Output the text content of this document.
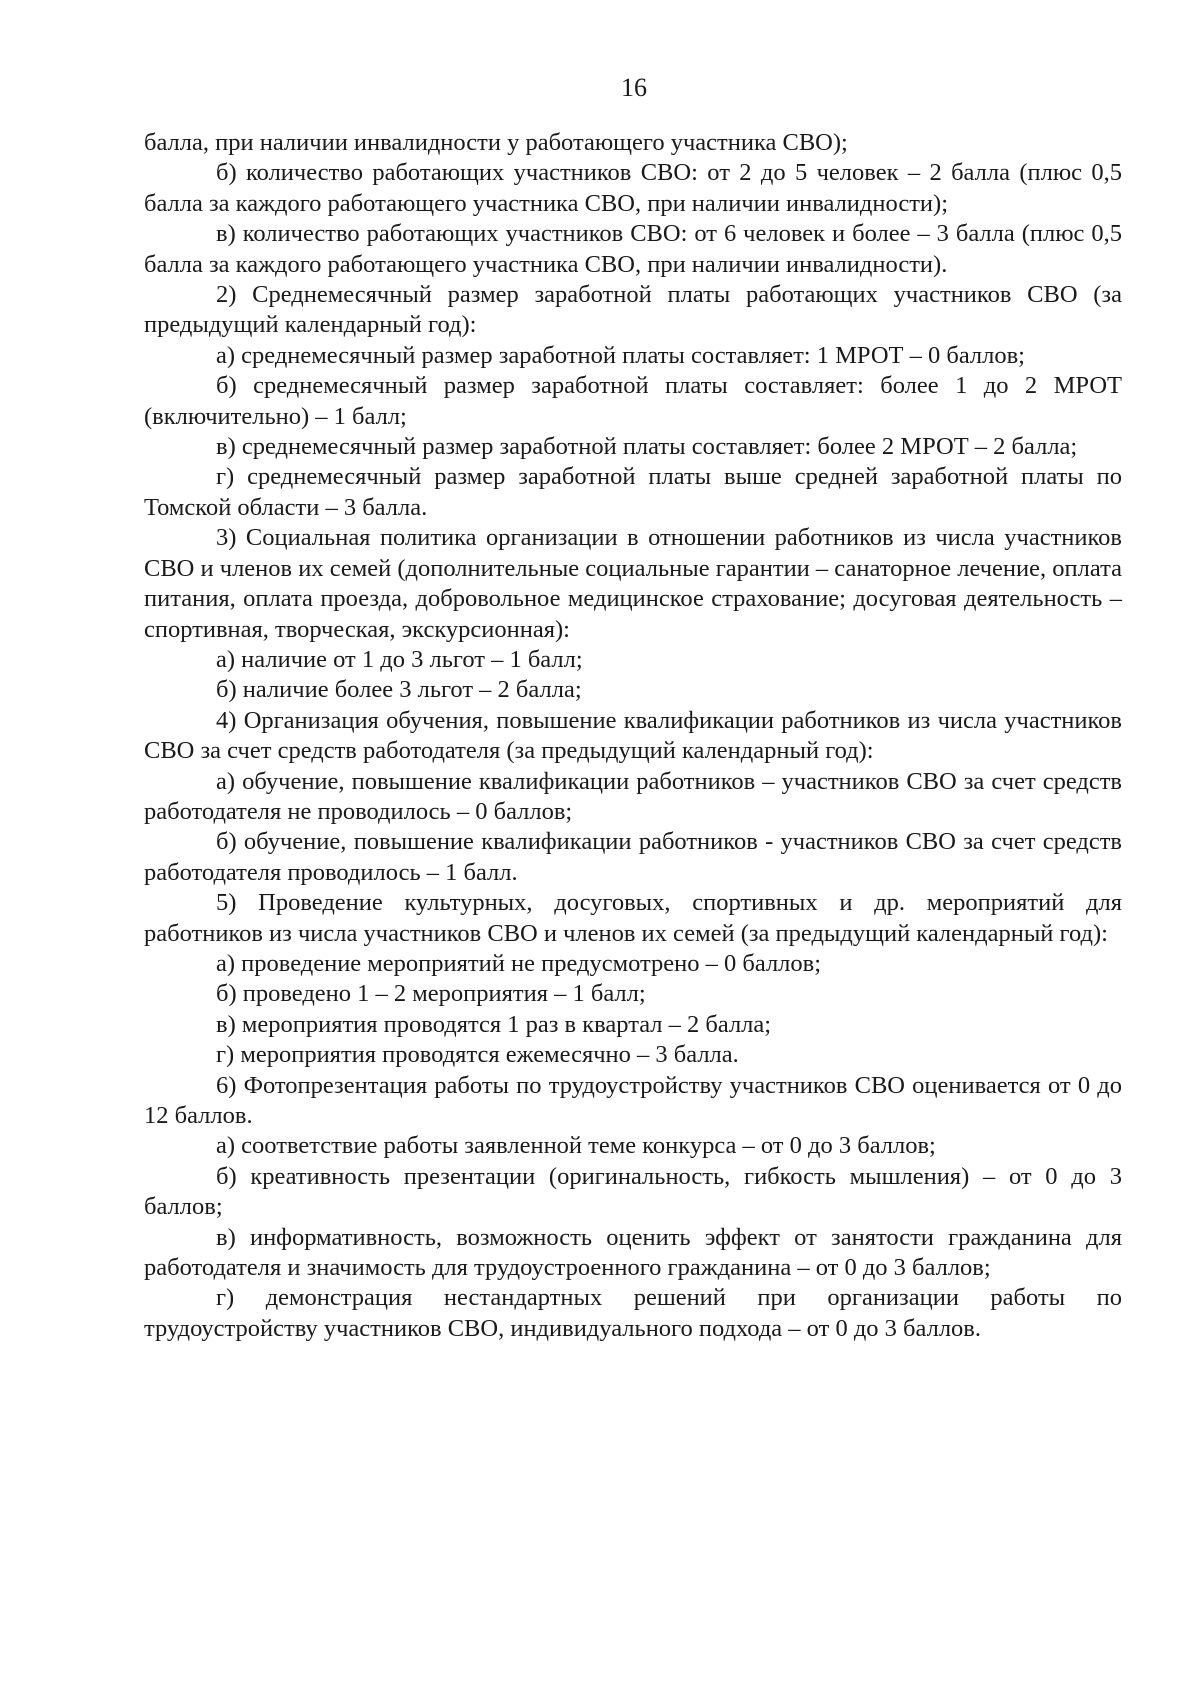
16

балла, при наличии инвалидности у работающего участника СВО);

б) количество работающих участников СВО: от 2 до 5 человек – 2 балла (плюс 0,5 балла за каждого работающего участника СВО, при наличии инвалидности);

в) количество работающих участников СВО: от 6 человек и более – 3 балла (плюс 0,5 балла за каждого работающего участника СВО, при наличии инвалидности).

2) Среднемесячный размер заработной платы работающих участников СВО (за предыдущий календарный год):

а) среднемесячный размер заработной платы составляет: 1 МРОТ – 0 баллов;

б) среднемесячный размер заработной платы составляет: более 1 до 2 МРОТ (включительно) – 1 балл;

в) среднемесячный размер заработной платы составляет: более 2 МРОТ – 2 балла;

г) среднемесячный размер заработной платы выше средней заработной платы по Томской области – 3 балла.

3) Социальная политика организации в отношении работников из числа участников СВО и членов их семей (дополнительные социальные гарантии – санаторное лечение, оплата питания, оплата проезда, добровольное медицинское страхование; досуговая деятельность – спортивная, творческая, экскурсионная):

а) наличие от 1 до 3 льгот – 1 балл;

б) наличие более 3 льгот – 2 балла;

4) Организация обучения, повышение квалификации работников из числа участников СВО за счет средств работодателя (за предыдущий календарный год):

а) обучение, повышение квалификации работников – участников СВО за счет средств работодателя не проводилось – 0 баллов;

б) обучение, повышение квалификации работников - участников СВО за счет средств работодателя проводилось – 1 балл.

5) Проведение культурных, досуговых, спортивных и др. мероприятий для работников из числа участников СВО и членов их семей (за предыдущий календарный год):

а) проведение мероприятий не предусмотрено – 0 баллов;

б) проведено 1 – 2 мероприятия – 1 балл;

в) мероприятия проводятся 1 раз в квартал – 2 балла;

г) мероприятия проводятся ежемесячно – 3 балла.

6) Фотопрезентация работы по трудоустройству участников СВО оценивается от 0 до 12 баллов.

а) соответствие работы заявленной теме конкурса – от 0 до 3 баллов;

б) креативность презентации (оригинальность, гибкость мышления) – от 0 до 3 баллов;

в) информативность, возможность оценить эффект от занятости гражданина для работодателя и значимость для трудоустроенного гражданина – от 0 до 3 баллов;

г) демонстрация нестандартных решений при организации работы по трудоустройству участников СВО, индивидуального подхода – от 0 до 3 баллов.
